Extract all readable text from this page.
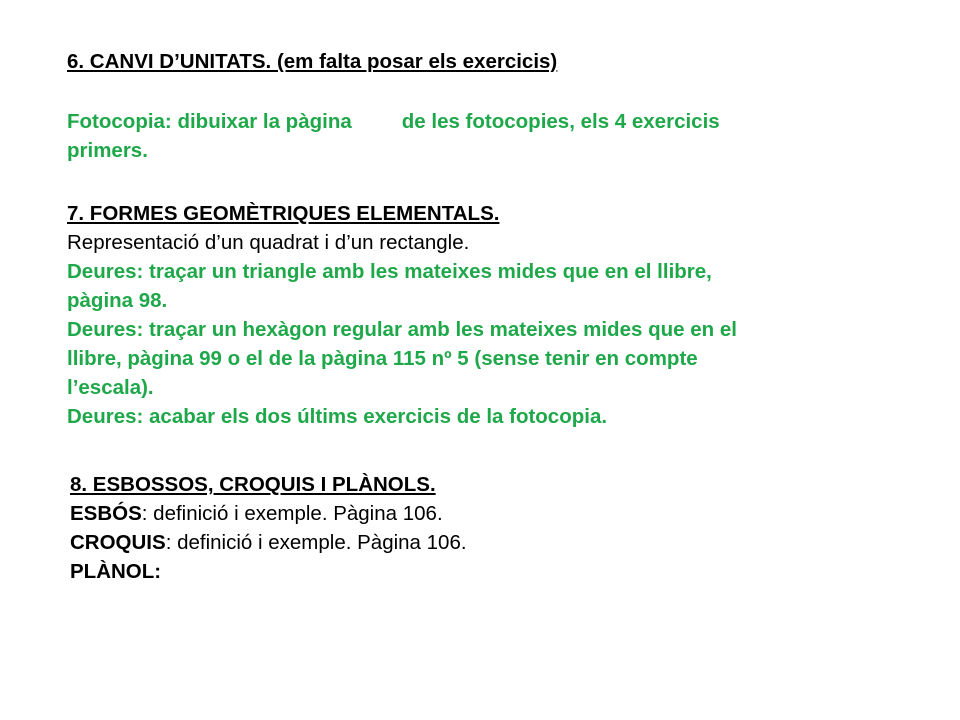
6. CANVI D’UNITATS. (em falta posar els exercicis)
Fotocopia: dibuixar la pàgina de les fotocopies, els 4 exercicis
primers.
7. FORMES GEOMÈTRIQUES ELEMENTALS.
Representació d’un quadrat i d’un rectangle.
Deures: traçar un triangle amb les mateixes mides que en el llibre,
pàgina 98.
Deures: traçar un hexàgon regular amb les mateixes mides que en el
llibre, pàgina 99 o el de la pàgina 115 nº 5 (sense tenir en compte
l’escala).
Deures: acabar els dos últims exercicis de la fotocopia.
8. ESBOSSOS, CROQUIS I PLÀNOLS.
ESBÓS: definició i exemple. Pàgina 106.
CROQUIS: definició i exemple. Pàgina 106.
PLÀNOL:
